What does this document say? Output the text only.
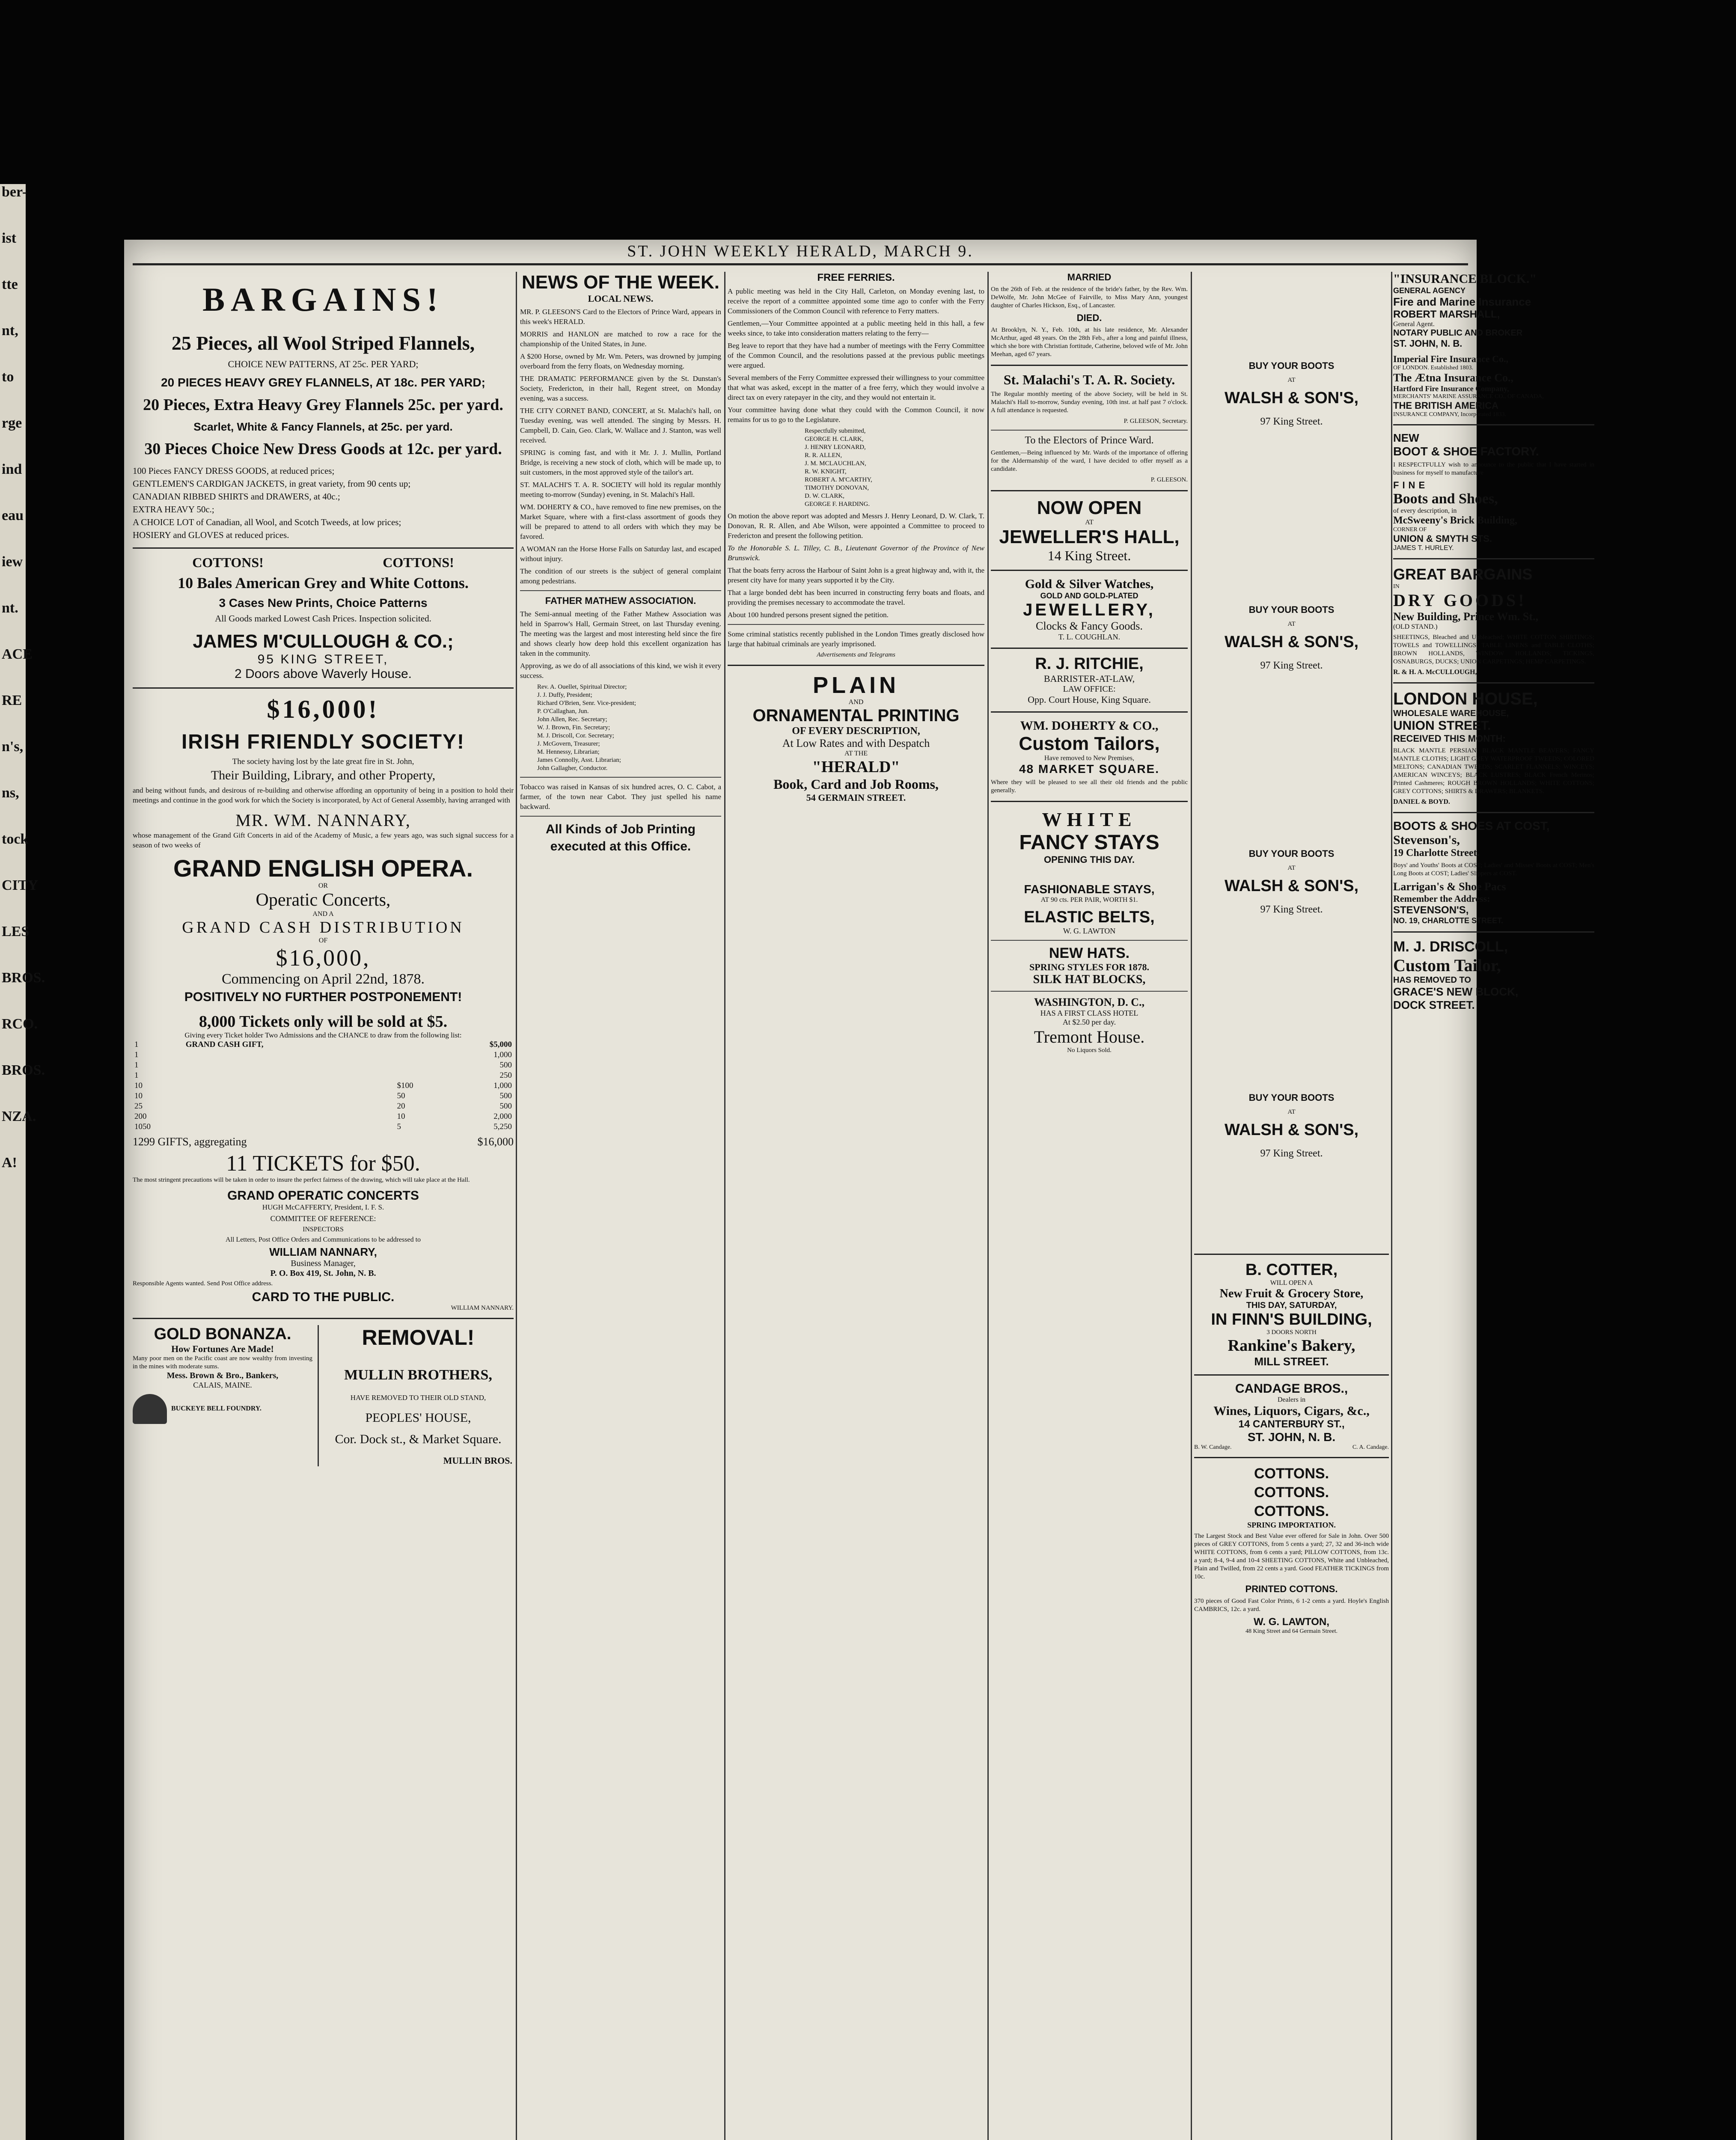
ber-
ist
tte
nt,
to
rge
ind
eau
iew
nt.
ACE
RE
n's,
ns,
tock
CITY
LES
BROS.
RCO.
BROS.
NZA.
A!
ST. JOHN WEEKLY HERALD, MARCH 9.
BARGAINS!
25 Pieces, all Wool Striped Flannels,
CHOICE NEW PATTERNS, AT 25c. PER YARD;
20 PIECES HEAVY GREY FLANNELS, AT 18c. PER YARD;
20 Pieces, Extra Heavy Grey Flannels 25c. per yard.
Scarlet, White & Fancy Flannels, at 25c. per yard.
30 Pieces Choice New Dress Goods at 12c. per yard.
100 Pieces FANCY DRESS GOODS, at reduced prices;
GENTLEMEN'S CARDIGAN JACKETS, in great variety, from 90 cents up;
CANADIAN RIBBED SHIRTS and DRAWERS, at 40c.;
EXTRA HEAVY 50c.;
A CHOICE LOT of Canadian, all Wool, and Scotch Tweeds, at low prices;
HOSIERY and GLOVES at reduced prices.
COTTONS!	COTTONS!
10 Bales American Grey and White Cottons.
3 Cases New Prints, Choice Patterns
All Goods marked Lowest Cash Prices. Inspection solicited.
JAMES M'CULLOUGH & CO.;
95 KING STREET,
2 Doors above Waverly House.
$16,000!
IRISH FRIENDLY SOCIETY!
The society having lost by the late great fire in St. John,
Their Building, Library, and other Property,
and being without funds, and desirous of re-building and otherwise affording an opportunity of being in a position to hold their meetings and continue in the good work for which the Society is incorporated, by Act of General Assembly, having arranged with
MR. WM. NANNARY,
whose management of the Grand Gift Concerts in aid of the Academy of Music, a few years ago, was such signal success for a season of two weeks of
GRAND ENGLISH OPERA.
OR
Operatic Concerts,
AND A
GRAND CASH DISTRIBUTION
OF
$16,000,
Commencing on April 22nd, 1878.
POSITIVELY NO FURTHER POSTPONEMENT!
8,000 Tickets only will be sold at $5.
Giving every Ticket holder Two Admissions and the CHANCE to draw from the following list:
1	GRAND CASH GIFT,		$5,000
1			1,000
1			500
1			250
10		$100	1,000
10		50	500
25		20	500
200		10	2,000
1050		5	5,250
1299 GIFTS, aggregating	$16,000
11 TICKETS for $50.
The most stringent precautions will be taken in order to insure the perfect fairness of the drawing, which will take place at the Hall.
GRAND OPERATIC CONCERTS
HUGH McCAFFERTY, President, I. F. S.
COMMITTEE OF REFERENCE:
INSPECTORS
All Letters, Post Office Orders and Communications to be addressed to
WILLIAM NANNARY,
Business Manager,
P. O. Box 419, St. John, N. B.
Responsible Agents wanted. Send Post Office address.
CARD TO THE PUBLIC.
WILLIAM NANNARY.
GOLD BONANZA.
How Fortunes Are Made!
Many poor men on the Pacific coast are now wealthy from investing in the mines with moderate sums.
Mess. Brown & Bro., Bankers,
CALAIS, MAINE.
BUCKEYE BELL FOUNDRY.
REMOVAL!
MULLIN BROTHERS,
HAVE REMOVED TO THEIR OLD STAND,
PEOPLES' HOUSE,
Cor. Dock st., & Market Square.
MULLIN BROS.
NEWS OF THE WEEK.
LOCAL NEWS.

MR. P. GLEESON'S Card to the Electors of Prince Ward, appears in this week's HERALD.

MORRIS and HANLON are matched to row a race for the championship of the United States, in June.

A $200 Horse, owned by Mr. Wm. Peters, was drowned by jumping overboard from the ferry floats, on Wednesday morning.

THE DRAMATIC PERFORMANCE given by the St. Dunstan's Society, Fredericton, in their hall, Regent street, on Monday evening, was a success.

THE CITY CORNET BAND, CONCERT, at St. Malachi's hall, on Tuesday evening, was well attended. The singing by Messrs. H. Campbell, D. Cain, Geo. Clark, W. Wallace and J. Stanton, was well received.

SPRING is coming fast, and with it Mr. J. J. Mullin, Portland Bridge, is receiving a new stock of cloth, which will be made up, to suit customers, in the most approved style of the tailor's art.

ST. MALACHI'S T. A. R. SOCIETY will hold its regular monthly meeting to-morrow (Sunday) evening, in St. Malachi's Hall.

WM. DOHERTY & CO., have removed to fine new premises, on the Market Square, where with a first-class assortment of goods they will be prepared to attend to all orders with which they may be favored.

A WOMAN ran the Horse Horse Falls on Saturday last, and escaped without injury.

The condition of our streets is the subject of general complaint among pedestrians.

FATHER MATHEW ASSOCIATION.

The Semi-annual meeting of the Father Mathew Association was held in Sparrow's Hall, Germain Street, on last Thursday evening. The meeting was the largest and most interesting held since the fire and shows clearly how deep hold this excellent organization has taken in the community.

Approving, as we do of all associations of this kind, we wish it every success.

Rev. A. Ouellet, Spiritual Director;
J. J. Duffy, President;
Richard O'Brien, Senr. Vice-president;
P. O'Callaghan, Jun.
John Allen, Rec. Secretary;
W. J. Brown, Fin. Secretary;
M. J. Driscoll, Cor. Secretary;
J. McGovern, Treasurer;
M. Hennessy, Librarian;
James Connolly, Asst. Librarian;
John Gallagher, Conductor.

Tobacco was raised in Kansas of six hundred acres, O. C. Cabot, a farmer, of the town near Cabot. They just spelled his name backward.

All Kinds of Job Printing executed at this Office.
FREE FERRIES.

A public meeting was held in the City Hall, Carleton, on Monday evening last, to receive the report of a committee appointed some time ago to confer with the Ferry Commissioners of the Common Council with reference to Ferry matters.

Gentlemen,—Your Committee appointed at a public meeting held in this hall, a few weeks since, to take into consideration matters relating to the ferry—

Beg leave to report that they have had a number of meetings with the Ferry Committee of the Common Council, and the resolutions passed at the previous public meetings were argued.

Several members of the Ferry Committee expressed their willingness to your committee that what was asked, except in the matter of a free ferry, which they would involve a direct tax on every ratepayer in the city, and they would not entertain it.

Your committee having done what they could with the Common Council, it now remains for us to go to the Legislature.

Respectfully submitted,
GEORGE H. CLARK,
J. HENRY LEONARD,
R. R. ALLEN,
J. M. MCLAUCHLAN,
R. W. KNIGHT,
ROBERT A. M'CARTHY,
TIMOTHY DONOVAN,
D. W. CLARK,
GEORGE F. HARDING.

On motion the above report was adopted and Messrs J. Henry Leonard, D. W. Clark, T. Donovan, R. R. Allen, and Abe Wilson, were appointed a Committee to proceed to Fredericton and present the following petition.

To the Honorable S. L. Tilley, C. B., Lieutenant Governor of the Province of New Brunswick.

That the boats ferry across the Harbour of Saint John is a great highway and, with it, the present city have for many years supported it by the City.

That a large bonded debt has been incurred in constructing ferry boats and floats, and providing the premises necessary to accommodate the travel.

About 100 hundred persons present signed the petition.

Some criminal statistics recently published in the London Times greatly disclosed how large that habitual criminals are yearly imprisoned.

Advertisements and Telegrams
PLAIN
AND
ORNAMENTAL PRINTING
OF EVERY DESCRIPTION,
At Low Rates and with Despatch
AT THE
"HERALD"
Book, Card and Job Rooms,
54 GERMAIN STREET.
MARRIED

On the 26th of Feb. at the residence of the bride's father, by the Rev. Wm. DeWolfe, Mr. John McGee of Fairville, to Miss Mary Ann, youngest daughter of Charles Hickson, Esq., of Lancaster.

DIED.

At Brooklyn, N. Y., Feb. 10th, at his late residence, Mr. Alexander McArthur, aged 48 years. On the 28th Feb., after a long and painful illness, which she bore with Christian fortitude, Catherine, beloved wife of Mr. John Meehan, aged 67 years.

St. Malachi's T. A. R. Society.

The Regular monthly meeting of the above Society, will be held in St. Malachi's Hall to-morrow, Sunday evening, 10th inst. at half past 7 o'clock. A full attendance is requested.

P. GLEESON, Secretary.
To the Electors of Prince Ward.

Gentlemen,—Being influenced by Mr. Wards of the importance of offering for the Aldermanship of the ward, I have decided to offer myself as a candidate.

P. GLEESON.
NOW OPEN
AT
JEWELLER'S HALL,
14 King Street.
Gold & Silver Watches,
GOLD AND GOLD-PLATED
JEWELLERY,
Clocks & Fancy Goods.
T. L. COUGHLAN.
R. J. RITCHIE,
BARRISTER-AT-LAW,
LAW OFFICE:
Opp. Court House, King Square.
WM. DOHERTY & CO.,
Custom Tailors,
Have removed to New Premises,
48 MARKET SQUARE.

Where they will be pleased to see all their old friends and the public generally.

WHITE
FANCY STAYS
OPENING THIS DAY.
FASHIONABLE STAYS,
AT 90 cts. PER PAIR, WORTH $1.
ELASTIC BELTS,
W. G. LAWTON
NEW HATS.
SPRING STYLES FOR 1878.
SILK HAT BLOCKS,
WASHINGTON, D. C.,
HAS A FIRST CLASS HOTEL
At $2.50 per day.
Tremont House.
No Liquors Sold.
BUY YOUR BOOTS
AT
WALSH & SON'S,
97 King Street.
BUY YOUR BOOTS
AT
WALSH & SON'S,
97 King Street.
BUY YOUR BOOTS
AT
WALSH & SON'S,
97 King Street.
BUY YOUR BOOTS
AT
WALSH & SON'S,
97 King Street.
B. COTTER,
WILL OPEN A
New Fruit & Grocery Store,
THIS DAY, SATURDAY,
IN FINN'S BUILDING,
3 DOORS NORTH
Rankine's Bakery,
MILL STREET.
CANDAGE BROS.,
Dealers in
Wines, Liquors, Cigars, &c.,
14 CANTERBURY ST.,
ST. JOHN, N. B.
B. W. Candage.	C. A. Candage.
COTTONS.
COTTONS.
COTTONS.
SPRING IMPORTATION.

The Largest Stock and Best Value ever offered for Sale in John. Over 500 pieces of GREY COTTONS, from 5 cents a yard; 27, 32 and 36-inch wide WHITE COTTONS, from 6 cents a yard; PILLOW COTTONS, from 13c. a yard; 8-4, 9-4 and 10-4 SHEETING COTTONS, White and Unbleached, Plain and Twilled, from 22 cents a yard. Good FEATHER TICKINGS from 10c.

PRINTED COTTONS.

370 pieces of Good Fast Color Prints, 6 1-2 cents a yard. Hoyle's English CAMBRICS, 12c. a yard.

W. G. LAWTON,
48 King Street and 64 Germain Street.
"INSURANCE BLOCK."
GENERAL AGENCY
Fire and Marine Insurance
ROBERT MARSHALL,
General Agent.
NOTARY PUBLIC AND BROKER
ST. JOHN, N. B.
Imperial Fire Insurance Co.,
OF LONDON. Established 1803.
The Ætna Insurance Co.,
Hartford Fire Insurance Company,
MERCHANTS' MARINE ASSURANCE CO., OF CANADA,
THE BRITISH AMERICA
INSURANCE COMPANY, Incorporated 1833.
NEW
BOOT & SHOE FACTORY.

I RESPECTFULLY wish to announce to the public that I have started in business for myself to manufacture

FINE
Boots and Shoes,
of every description, in
McSweeny's Brick Building,
CORNER OF
UNION & SMYTH STS.
JAMES T. HURLEY.
GREAT BARGAINS
IN
DRY GOODS!
New Building, Prince Wm. St.,
(OLD STAND.)

SHEETINGS, Bleached and Unbleached; WHITE COTTON SHIRTINGS; TOWELS and TOWELLINGS; TABLE LINENS and TABLE CLOTHS; BROWN HOLLANDS, WINDOW HOLLANDS; TICKINGS, OSNABURGS, DUCKS; UNION CARPETINGS; HEMP CARPETINGS.

R. & H. A. McCULLOUGH,
LONDON HOUSE,
WHOLESALE WAREHOUSE,
UNION STREET.
RECEIVED THIS MONTH:

BLACK MANTLE PERSIAN; BLACK MANTLE BEAVERS; FANCY MANTLE CLOTHS; LIGHT GREY WATERPROOF TWEEDS; COLORED MELTONS; CANADIAN TWEEDS; SCARLET FLANNELS; WINCEYS; AMERICAN WINCEYS; BLACK LUSTRES; BLACK French Merinos; Printed Cashmeres; ROUGH BROWN HOLLANDS; WHITE COTTONS; GREY COTTONS; SHIRTS & DRAWERS; BLANKETS.

DANIEL & BOYD.
BOOTS & SHOES AT COST,
Stevenson's,
19 Charlotte Street.

Boys' and Youths' Boots at COST; Ladies' and Misses' Boots at COST; Men's Long Boots at COST; Ladies' Slippers at COST.

Larrigan's & Shoe Pacs
Remember the Address:
STEVENSON'S,
NO. 19, CHARLOTTE STREET.
M. J. DRISCOLL,
Custom Tailor,
HAS REMOVED TO
GRACE'S NEW BLOCK,
DOCK STREET.
